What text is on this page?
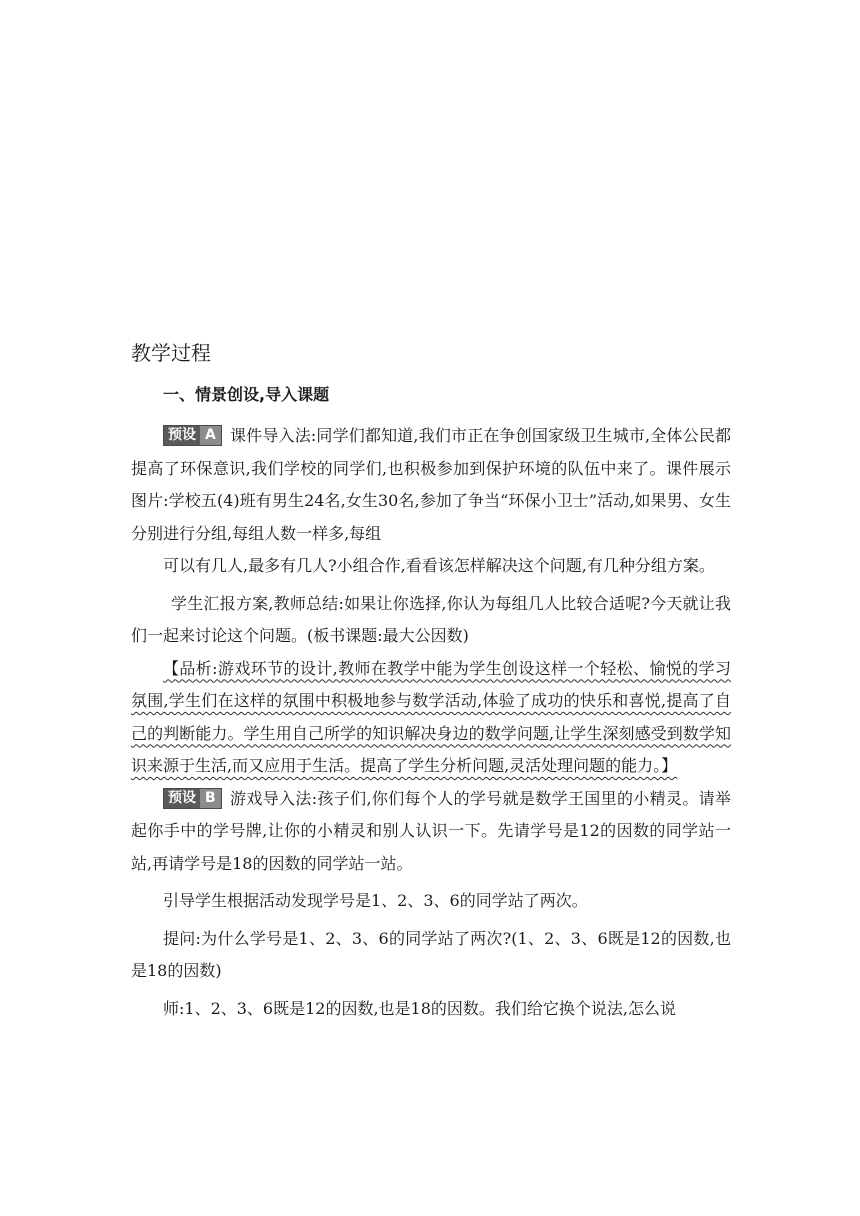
教学过程
一、情景创设,导入课题

预设 A 课件导入法:同学们都知道,我们市正在争创国家级卫生城市,全体公民都提高了环保意识,我们学校的同学们,也积极参加到保护环境的队伍中来了。课件展示图片:学校五(4)班有男生24名,女生30名,参加了争当“环保小卫士”活动,如果男、女生分别进行分组,每组人数一样多,每组

可以有几人,最多有几人?小组合作,看看该怎样解决这个问题,有几种分组方案。

学生汇报方案,教师总结:如果让你选择,你认为每组几人比较合适呢?今天就让我们一起来讨论这个问题。(板书课题:最大公因数)

【品析:游戏环节的设计,教师在教学中能为学生创设这样一个轻松、愉悦的学习氛围,学生们在这样的氛围中积极地参与数学活动,体验了成功的快乐和喜悦,提高了自己的判断能力。学生用自己所学的知识解决身边的数学问题,让学生深刻感受到数学知识来源于生活,而又应用于生活。提高了学生分析问题,灵活处理问题的能力。】

预设 B 游戏导入法:孩子们,你们每个人的学号就是数学王国里的小精灵。请举起你手中的学号牌,让你的小精灵和别人认识一下。先请学号是12的因数的同学站一站,再请学号是18的因数的同学站一站。

引导学生根据活动发现学号是1、2、3、6的同学站了两次。

提问:为什么学号是1、2、3、6的同学站了两次?(1、2、3、6既是12的因数,也是18的因数)

师:1、2、3、6既是12的因数,也是18的因数。我们给它换个说法,怎么说
